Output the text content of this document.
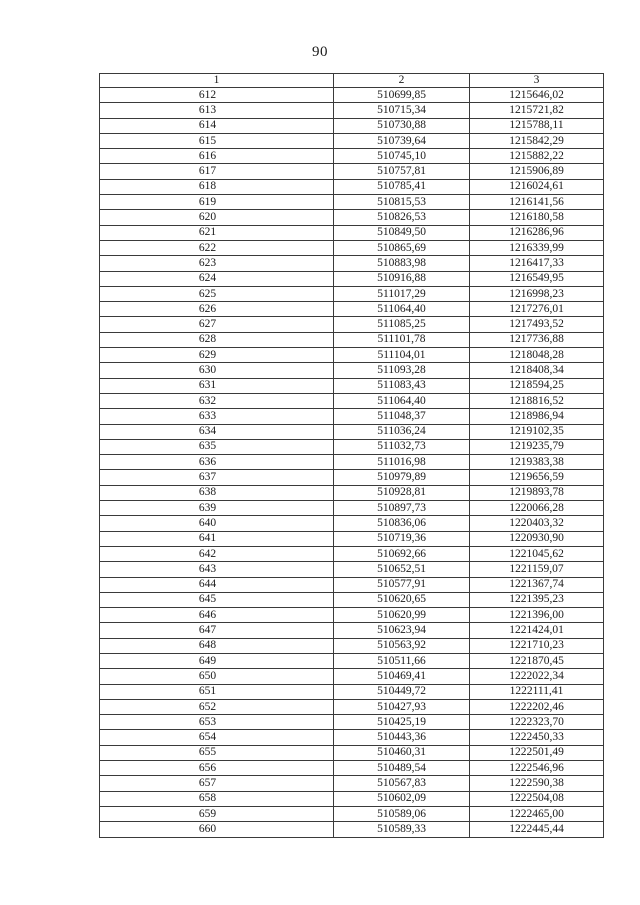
90
1	2	3
612	510699,85	1215646,02
613	510715,34	1215721,82
614	510730,88	1215788,11
615	510739,64	1215842,29
616	510745,10	1215882,22
617	510757,81	1215906,89
618	510785,41	1216024,61
619	510815,53	1216141,56
620	510826,53	1216180,58
621	510849,50	1216286,96
622	510865,69	1216339,99
623	510883,98	1216417,33
624	510916,88	1216549,95
625	511017,29	1216998,23
626	511064,40	1217276,01
627	511085,25	1217493,52
628	511101,78	1217736,88
629	511104,01	1218048,28
630	511093,28	1218408,34
631	511083,43	1218594,25
632	511064,40	1218816,52
633	511048,37	1218986,94
634	511036,24	1219102,35
635	511032,73	1219235,79
636	511016,98	1219383,38
637	510979,89	1219656,59
638	510928,81	1219893,78
639	510897,73	1220066,28
640	510836,06	1220403,32
641	510719,36	1220930,90
642	510692,66	1221045,62
643	510652,51	1221159,07
644	510577,91	1221367,74
645	510620,65	1221395,23
646	510620,99	1221396,00
647	510623,94	1221424,01
648	510563,92	1221710,23
649	510511,66	1221870,45
650	510469,41	1222022,34
651	510449,72	1222111,41
652	510427,93	1222202,46
653	510425,19	1222323,70
654	510443,36	1222450,33
655	510460,31	1222501,49
656	510489,54	1222546,96
657	510567,83	1222590,38
658	510602,09	1222504,08
659	510589,06	1222465,00
660	510589,33	1222445,44
